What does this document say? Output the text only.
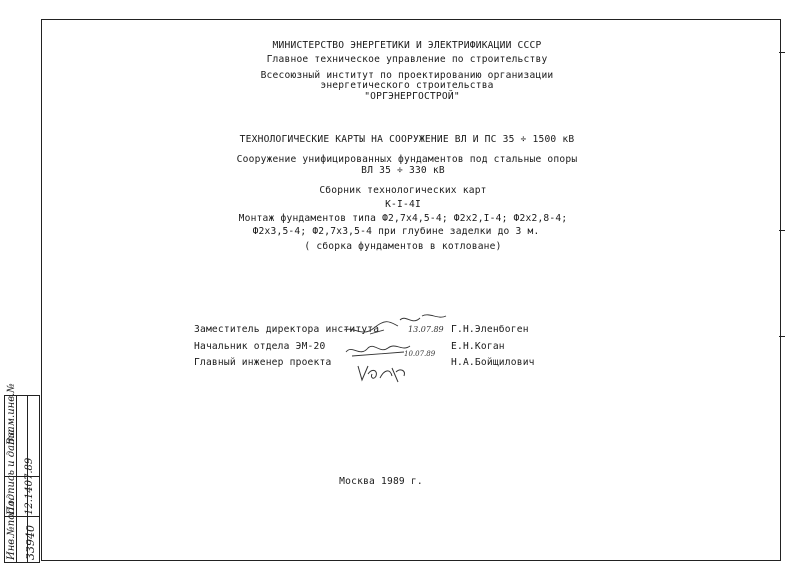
МИНИСТЕРСТВО ЭНЕРГЕТИКИ И ЭЛЕКТРИФИКАЦИИ СССР
Главное техническое управление по строительству
Всесоюзный институт по проектированию организации
энергетического строительства
"ОРГЭНЕРГОСТРОЙ"
ТЕХНОЛОГИЧЕСКИЕ КАРТЫ НА СООРУЖЕНИЕ ВЛ И ПС 35 ÷ 1500 кВ
Сооружение унифицированных фундаментов под стальные опоры
ВЛ 35 ÷ 330 кВ
Сборник технологических карт
К-I-4I
Монтаж фундаментов типа Ф2,7х4,5-4; Ф2х2,I-4; Ф2х2,8-4;
Ф2х3,5-4; Ф2,7х3,5-4 при глубине заделки до 3 м.
( сборка фундаментов в котловане)
Заместитель директора института	Г.Н.Эленбоген
Начальник отдела ЭМ-20	Е.Н.Коган
Главный инженер проекта	Н.А.Бойщилович
13.07.89
10.07.89
Москва 1989 г.
Инв.№подл.
Подпись и дата
Взам.инв.№
33940
12.1407.89
